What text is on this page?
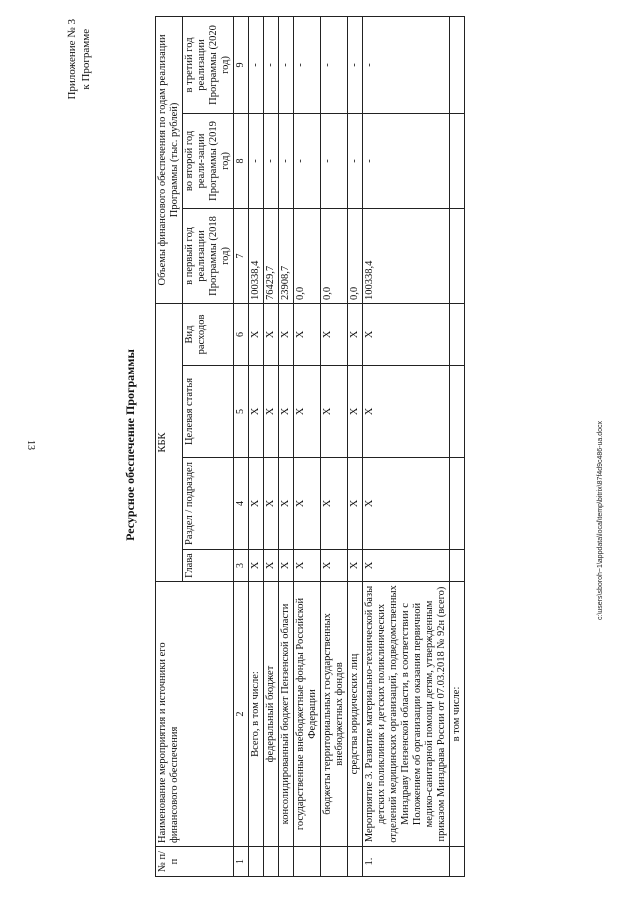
13
Приложение № 3 к Программе
Ресурсное обеспечение Программы
№ п/п	Наименование мероприятия и источники его финансового обеспечения	КБК				Объемы финансового обеспечения по годам реализации Программы (тыс. рублей)		
		Глава	Раздел / подраздел	Целевая статья	Вид расходов	в первый год реализации Программы (2018 год)	во второй год реали-зации Программы (2019 год)	в третий год реализации Программы (2020 год)
1	2	3	4	5	6	7	8	9
	Всего, в том числе:	X	X	X	X	100338,4	-	-
	федеральный бюджет	X	X	X	X	76429,7	-	-
	консолидированный бюджет Пензенской области	X	X	X	X	23908,7	-	-
	государственные внебюджетные фонды Российской Федерации	X	X	X	X	0,0	-	-
	бюджеты территориальных государственных внебюджетных фондов	X	X	X	X	0,0	-	-
	средства юридических лиц	X	X	X	X	0,0	-	-
1.	Мероприятие 3. Развитие материально-технической базы детских поликлиник и детских поликлинических отделений медицинских организаций, подведомственных Минздраву Пензенской области, в соответствии с Положением об организации оказания первичной медико-санитарной помощи детям, утвержденным приказом Минздрава России от 07.03.2018 № 92н (всего)	X	X	X	X	100338,4	-	-
	в том числе:							
c:\users\sboroh~1\appdata\local\temp\bitrix\87f4d9c486-ua.docx
